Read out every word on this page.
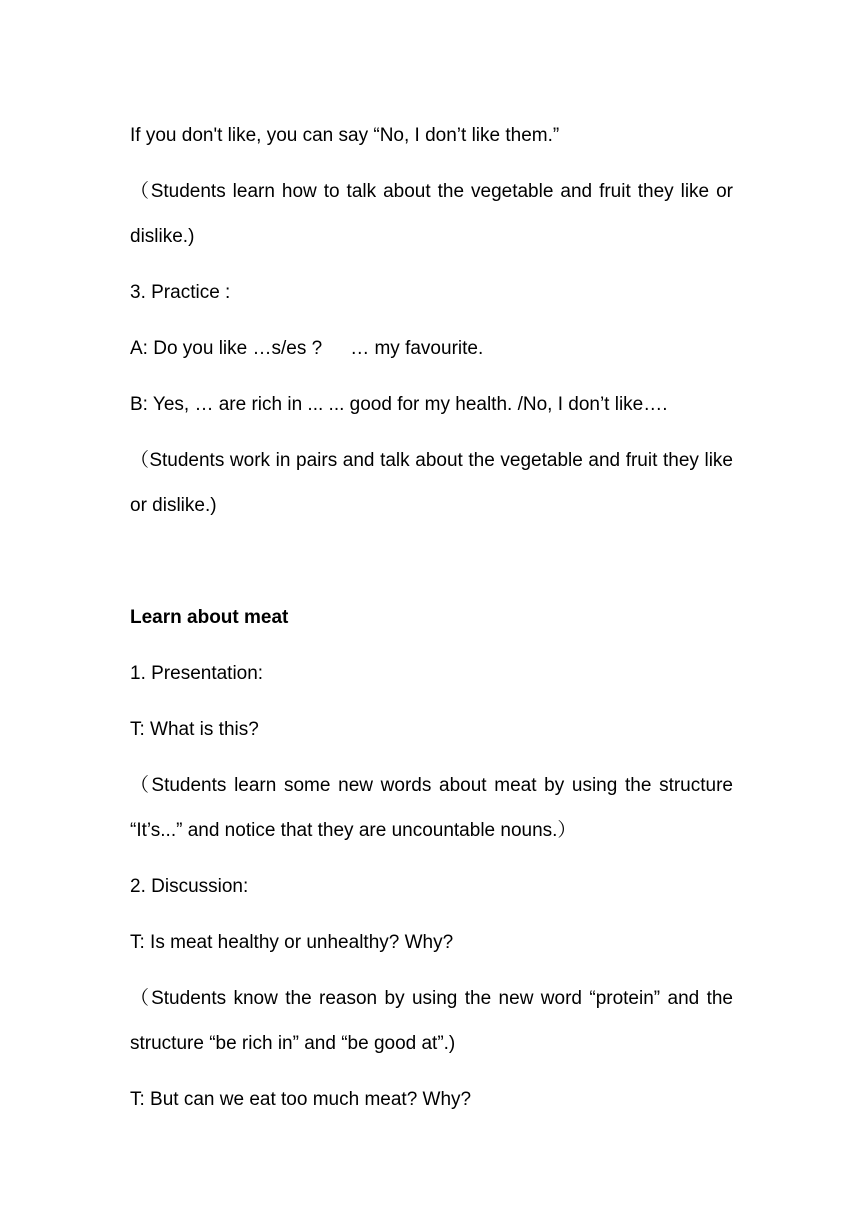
If you don't like, you can say “No, I don’t like them.”

（Students learn how to talk about the vegetable and fruit they like or dislike.)

3. Practice :

A: Do you like …s/es ? … my favourite.

B: Yes, … are rich in ... ... good for my health. /No, I don’t like….

（Students work in pairs and talk about the vegetable and fruit they like or dislike.)

Learn about meat

1. Presentation:

T: What is this?

（Students learn some new words about meat by using the structure “It’s...” and notice that they are uncountable nouns.）

2. Discussion:

T: Is meat healthy or unhealthy? Why?

（Students know the reason by using the new word “protein” and the structure “be rich in” and “be good at”.)

T: But can we eat too much meat? Why?
